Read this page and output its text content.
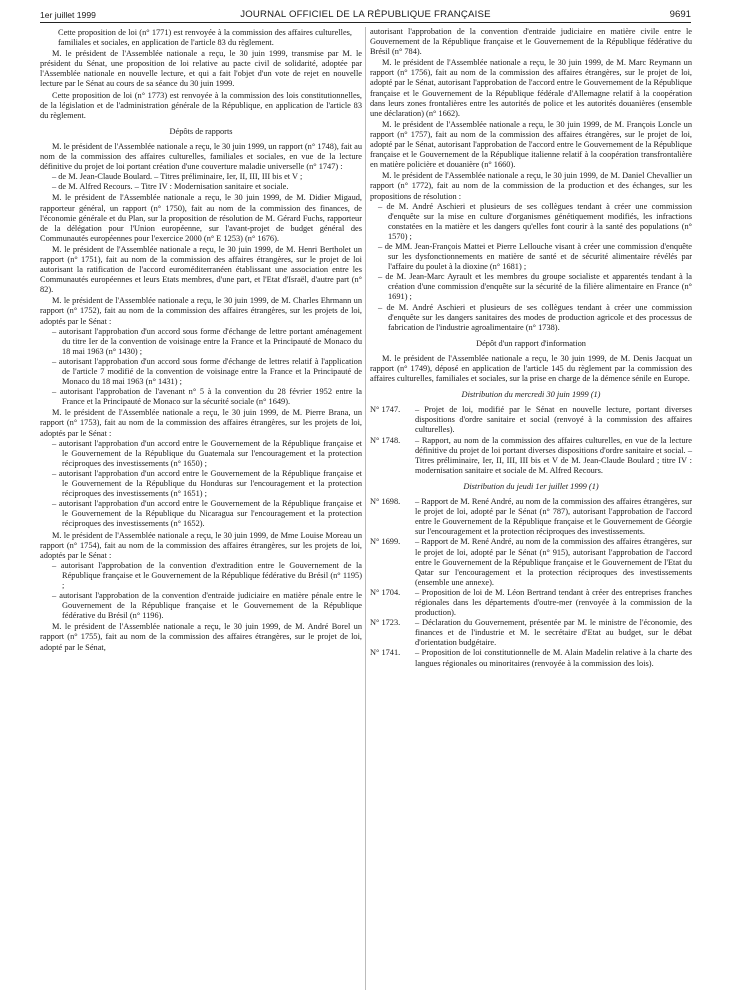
1er juillet 1999	JOURNAL OFFICIEL DE LA RÉPUBLIQUE FRANÇAISE	9691

Cette proposition de loi (n° 1771) est renvoyée à la commission des affaires culturelles, familiales et sociales, en application de l'article 83 du règlement.

M. le président de l'Assemblée nationale a reçu, le 30 juin 1999, transmise par M. le président du Sénat, une proposition de loi relative au pacte civil de solidarité, adoptée par l'Assemblée nationale en nouvelle lecture, et qui a fait l'objet d'un vote de rejet en nouvelle lecture par le Sénat au cours de sa séance du 30 juin 1999.

Cette proposition de loi (n° 1773) est renvoyée à la commission des lois constitutionnelles, de la législation et de l'administration générale de la République, en application de l'article 83 du règlement.

Dépôts de rapports

M. le président de l'Assemblée nationale a reçu, le 30 juin 1999, un rapport (n° 1748), fait au nom de la commission des affaires culturelles, familiales et sociales, en vue de la lecture définitive du projet de loi portant création d'une couverture maladie universelle (n° 1747) :

– de M. Jean-Claude Boulard. – Titres préliminaire, Ier, II, III, III bis et V ;
– de M. Alfred Recours. – Titre IV : Modernisation sanitaire et sociale.

M. le président de l'Assemblée nationale a reçu, le 30 juin 1999, de M. Didier Migaud, rapporteur général, un rapport (n° 1750), fait au nom de la commission des finances, de l'économie générale et du Plan, sur la proposition de résolution de M. Gérard Fuchs, rapporteur de la délégation pour l'Union européenne, sur l'avant-projet de budget général des Communautés européennes pour l'exercice 2000 (n° E 1253) (n° 1676).

M. le président de l'Assemblée nationale a reçu, le 30 juin 1999, de M. Henri Bertholet un rapport (n° 1751), fait au nom de la commission des affaires étrangères, sur le projet de loi autorisant la ratification de l'accord euroméditerranéen établissant une association entre les Communautés européennes et leurs Etats membres, d'une part, et l'Etat d'Israël, d'autre part (n° 82).

M. le président de l'Assemblée nationale a reçu, le 30 juin 1999, de M. Charles Ehrmann un rapport (n° 1752), fait au nom de la commission des affaires étrangères, sur les projets de loi, adoptés par le Sénat :

– autorisant l'approbation d'un accord sous forme d'échange de lettre portant aménagement du titre Ier de la convention de voisinage entre la France et la Principauté de Monaco du 18 mai 1963 (n° 1430) ;
– autorisant l'approbation d'un accord sous forme d'échange de lettres relatif à l'application de l'article 7 modifié de la convention de voisinage entre la France et la Principauté de Monaco du 18 mai 1963 (n° 1431) ;
– autorisant l'approbation de l'avenant n° 5 à la convention du 28 février 1952 entre la France et la Principauté de Monaco sur la sécurité sociale (n° 1649).

M. le président de l'Assemblée nationale a reçu, le 30 juin 1999, de M. Pierre Brana, un rapport (n° 1753), fait au nom de la commission des affaires étrangères, sur les projets de loi, adoptés par le Sénat :

– autorisant l'approbation d'un accord entre le Gouvernement de la République française et le Gouvernement de la République du Guatemala sur l'encouragement et la protection réciproques des investissements (n° 1650) ;
– autorisant l'approbation d'un accord entre le Gouvernement de la République française et le Gouvernement de la République du Honduras sur l'encouragement et la protection réciproques des investissements (n° 1651) ;
– autorisant l'approbation d'un accord entre le Gouvernement de la République française et le Gouvernement de la République du Nicaragua sur l'encouragement et la protection réciproques des investissements (n° 1652).

M. le président de l'Assemblée nationale a reçu, le 30 juin 1999, de Mme Louise Moreau un rapport (n° 1754), fait au nom de la commission des affaires étrangères, sur les projets de loi, adoptés par le Sénat :

– autorisant l'approbation de la convention d'extradition entre le Gouvernement de la République française et le Gouvernement de la République fédérative du Brésil (n° 1195) ;
– autorisant l'approbation de la convention d'entraide judiciaire en matière pénale entre le Gouvernement de la République française et le Gouvernement de la République fédérative du Brésil (n° 1196).

M. le président de l'Assemblée nationale a reçu, le 30 juin 1999, de M. André Borel un rapport (n° 1755), fait au nom de la commission des affaires étrangères, sur le projet de loi, adopté par le Sénat,

autorisant l'approbation de la convention d'entraide judiciaire en matière civile entre le Gouvernement de la République française et le Gouvernement de la République fédérative du Brésil (n° 784).

M. le président de l'Assemblée nationale a reçu, le 30 juin 1999, de M. Marc Reymann un rapport (n° 1756), fait au nom de la commission des affaires étrangères, sur le projet de loi, adopté par le Sénat, autorisant l'approbation de l'accord entre le Gouvernement de la République française et le Gouvernement de la République fédérale d'Allemagne relatif à la coopération dans leurs zones frontalières entre les autorités de police et les autorités douanières (ensemble une déclaration) (n° 1662).

M. le président de l'Assemblée nationale a reçu, le 30 juin 1999, de M. François Loncle un rapport (n° 1757), fait au nom de la commission des affaires étrangères, sur le projet de loi, adopté par le Sénat, autorisant l'approbation de l'accord entre le Gouvernement de la République française et le Gouvernement de la République italienne relatif à la coopération transfrontalière en matière policière et douanière (n° 1660).

M. le président de l'Assemblée nationale a reçu, le 30 juin 1999, de M. Daniel Chevallier un rapport (n° 1772), fait au nom de la commission de la production et des échanges, sur les propositions de résolution :

– de M. André Aschieri et plusieurs de ses collègues tendant à créer une commission d'enquête sur la mise en culture d'organismes génétiquement modifiés, les infractions constatées en la matière et les dangers qu'elles font courir à la santé des populations (n° 1570) ;
– de MM. Jean-François Mattei et Pierre Lellouche visant à créer une commission d'enquête sur les dysfonctionnements en matière de santé et de sécurité alimentaire révélés par l'affaire du poulet à la dioxine (n° 1681) ;
– de M. Jean-Marc Ayrault et les membres du groupe socialiste et apparentés tendant à la création d'une commission d'enquête sur la sécurité de la filière alimentaire en France (n° 1691) ;
– de M. André Aschieri et plusieurs de ses collègues tendant à créer une commission d'enquête sur les dangers sanitaires des modes de production agricole et des processus de fabrication de l'industrie agroalimentaire (n° 1738).
Dépôt d'un rapport d'information

M. le président de l'Assemblée nationale a reçu, le 30 juin 1999, de M. Denis Jacquat un rapport (n° 1749), déposé en application de l'article 145 du règlement par la commission des affaires culturelles, familiales et sociales, sur la prise en charge de la démence sénile en Europe.

Distribution du mercredi 30 juin 1999 (1)

N° 1747. – Projet de loi, modifié par le Sénat en nouvelle lecture, portant diverses dispositions d'ordre sanitaire et social (renvoyé à la commission des affaires culturelles).

N° 1748. – Rapport, au nom de la commission des affaires culturelles, en vue de la lecture définitive du projet de loi portant diverses dispositions d'ordre sanitaire et social. – Titres préliminaire, Ier, II, III, III bis et V de M. Jean-Claude Boulard ; titre IV : modernisation sanitaire et sociale de M. Alfred Recours.

Distribution du jeudi 1er juillet 1999 (1)

N° 1698. – Rapport de M. René André, au nom de la commission des affaires étrangères, sur le projet de loi, adopté par le Sénat (n° 787), autorisant l'approbation de l'accord entre le Gouvernement de la République française et le Gouvernement de Géorgie sur l'encouragement et la protection réciproques des investissements.

N° 1699. – Rapport de M. René André, au nom de la commission des affaires étrangères, sur le projet de loi, adopté par le Sénat (n° 915), autorisant l'approbation de l'accord entre le Gouvernement de la République française et le Gouvernement de l'Etat du Qatar sur l'encouragement et la protection réciproques des investissements (ensemble une annexe).

N° 1704. – Proposition de loi de M. Léon Bertrand tendant à créer des entreprises franches régionales dans les départements d'outre-mer (renvoyée à la commission de la production).

N° 1723. – Déclaration du Gouvernement, présentée par M. le ministre de l'économie, des finances et de l'industrie et M. le secrétaire d'Etat au budget, sur le débat d'orientation budgétaire.

N° 1741. – Proposition de loi constitutionnelle de M. Alain Madelin relative à la charte des langues régionales ou minoritaires (renvoyée à la commission des lois).
